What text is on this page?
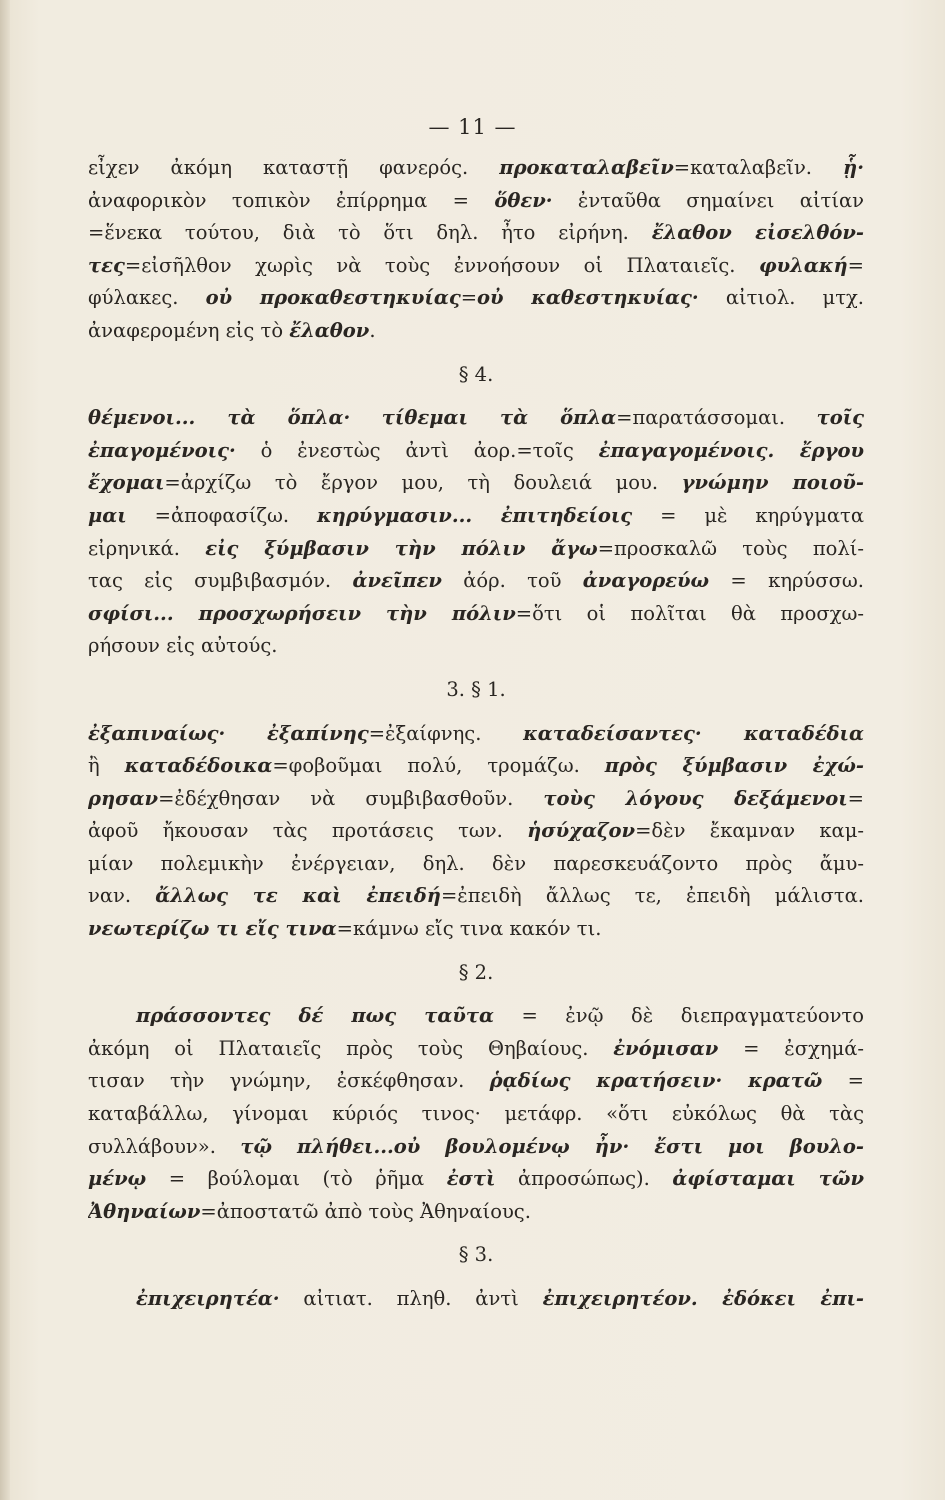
— 11 —
εἶχεν ἀκόμη καταστῇ φανερός. προκαταλαβεῖν=καταλαβεῖν. ᾗ·
ἀναφορικὸν τοπικὸν ἐπίρρημα = ὅθεν· ἐνταῦθα σημαίνει αἰτίαν
=ἕνεκα τούτου, διὰ τὸ ὅτι δηλ. ἦτο εἰρήνη. ἔλαθον εἰσελθόν-
τες=εἰσῆλθον χωρὶς νὰ τοὺς ἐννοήσουν οἱ Πλαταιεῖς. φυλακή=
φύλακες. οὐ προκαθεστηκυίας=οὐ καθεστηκυίας· αἰτιολ. μτχ.
ἀναφερομένη εἰς τὸ ἔλαθον.
§ 4.
θέμενοι... τὰ ὅπλα· τίθεμαι τὰ ὅπλα=παρατάσσομαι. τοῖς
ἐπαγομένοις· ὁ ἐνεστὼς ἀντὶ ἀορ.=τοῖς ἐπαγαγομένοις. ἔργου
ἔχομαι=ἀρχίζω τὸ ἔργον μου, τὴ δουλειά μου. γνώμην ποιοῦ-
μαι =ἀποφασίζω. κηρύγμασιν... ἐπιτηδείοις = μὲ κηρύγματα
εἰρηνικά. εἰς ξύμβασιν τὴν πόλιν ἄγω=προσκαλῶ τοὺς πολί-
τας εἰς συμβιβασμόν. ἀνεῖπεν ἀόρ. τοῦ ἀναγορεύω = κηρύσσω.
σφίσι... προσχωρήσειν τὴν πόλιν=ὅτι οἱ πολῖται θὰ προσχω-
ρήσουν εἰς αὐτούς.
3. § 1.
ἐξαπιναίως· ἐξαπίνης=ἐξαίφνης. καταδείσαντες· καταδέδια
ἢ καταδέδοικα=φοβοῦμαι πολύ, τρομάζω. πρὸς ξύμβασιν ἐχώ-
ρησαν=ἐδέχθησαν νὰ συμβιβασθοῦν. τοὺς λόγους δεξάμενοι=
ἀφοῦ ἤκουσαν τὰς προτάσεις των. ἡσύχαζον=δὲν ἔκαμναν καμ-
μίαν πολεμικὴν ἐνέργειαν, δηλ. δὲν παρεσκευάζοντο πρὸς ἄμυ-
ναν. ἄλλως τε καὶ ἐπειδή=ἐπειδὴ ἄλλως τε, ἐπειδὴ μάλιστα.
νεωτερίζω τι εἴς τινα=κάμνω εἴς τινα κακόν τι.
§ 2.
πράσσοντες δέ πως ταῦτα = ἐνῷ δὲ διεπραγματεύοντο
ἀκόμη οἱ Πλαταιεῖς πρὸς τοὺς Θηβαίους. ἐνόμισαν = ἐσχημά-
τισαν τὴν γνώμην, ἐσκέφθησαν. ῥᾳδίως κρατήσειν· κρατῶ =
καταβάλλω, γίνομαι κύριός τινος· μετάφρ. «ὅτι εὐκόλως θὰ τὰς
συλλάβουν». τῷ πλήθει...οὐ βουλομένῳ ἦν· ἔστι μοι βουλο-
μένῳ = βούλομαι (τὸ ῥῆμα ἐστὶ ἀπροσώπως). ἀφίσταμαι τῶν
Ἀθηναίων=ἀποστατῶ ἀπὸ τοὺς Ἀθηναίους.
§ 3.
ἐπιχειρητέα· αἰτιατ. πληθ. ἀντὶ ἐπιχειρητέον. ἐδόκει ἐπι-
